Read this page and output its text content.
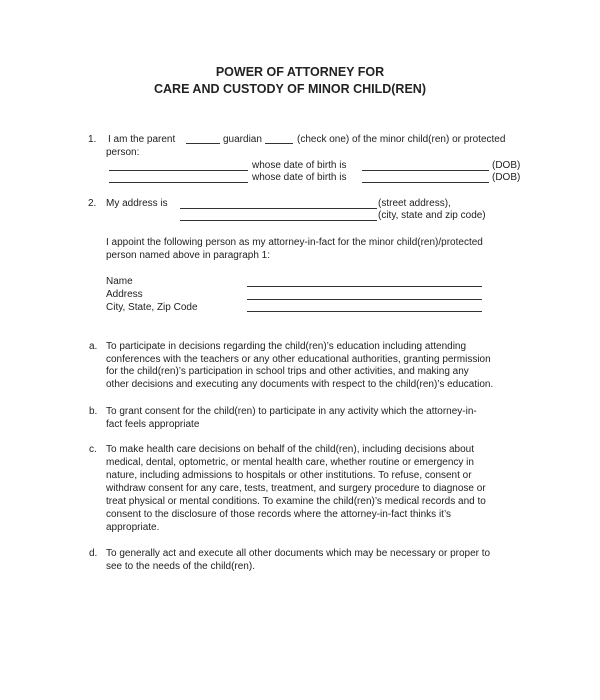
POWER OF ATTORNEY FOR
CARE AND CUSTODY OF MINOR CHILD(REN)
1. I am the parent	guardian	(check one) of the minor child(ren) or protected
person:
whose date of birth is	(DOB)
whose date of birth is	(DOB)
2. My address is	(street address),
(city, state and zip code)
I appoint the following person as my attorney-in-fact for the minor child(ren)/protected
person named above in paragraph 1:
Name
Address
City, State, Zip Code
a. To participate in decisions regarding the child(ren)’s education including attending
conferences with the teachers or any other educational authorities, granting permission
for the child(ren)’s participation in school trips and other activities, and making any
other decisions and executing any documents with respect to the child(ren)’s education.
b. To grant consent for the child(ren) to participate in any activity which the attorney-in-
fact feels appropriate
c. To make health care decisions on behalf of the child(ren), including decisions about
medical, dental, optometric, or mental health care, whether routine or emergency in
nature, including admissions to hospitals or other institutions. To refuse, consent or
withdraw consent for any care, tests, treatment, and surgery procedure to diagnose or
treat physical or mental conditions. To examine the child(ren)’s medical records and to
consent to the disclosure of those records where the attorney-in-fact thinks it’s
appropriate.
d. To generally act and execute all other documents which may be necessary or proper to
see to the needs of the child(ren).
